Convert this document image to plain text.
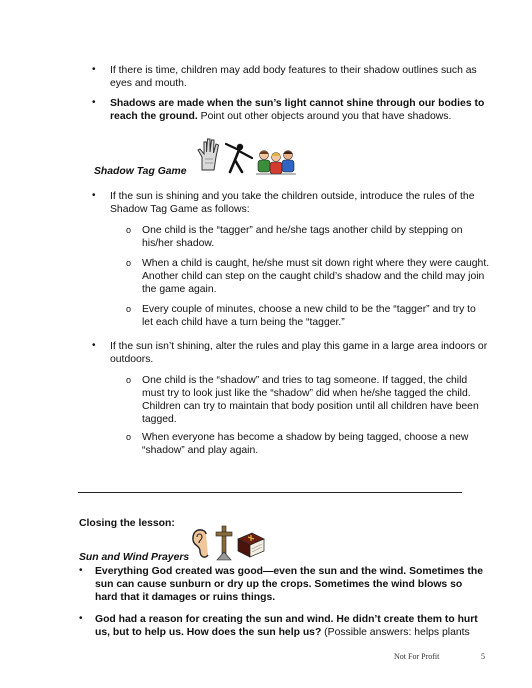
• If there is time, children may add body features to their shadow outlines such as eyes and mouth.
• Shadows are made when the sun’s light cannot shine through our bodies to reach the ground. Point out other objects around you that have shadows.
Shadow Tag Game
• If the sun is shining and you take the children outside, introduce the rules of the Shadow Tag Game as follows:
o One child is the “tagger” and he/she tags another child by stepping on his/her shadow.
o When a child is caught, he/she must sit down right where they were caught. Another child can step on the caught child’s shadow and the child may join the game again.
o Every couple of minutes, choose a new child to be the “tagger” and try to let each child have a turn being the “tagger.”
• If the sun isn’t shining, alter the rules and play this game in a large area indoors or outdoors.
o One child is the “shadow” and tries to tag someone. If tagged, the child must try to look just like the “shadow” did when he/she tagged the child. Children can try to maintain that body position until all children have been tagged.
o When everyone has become a shadow by being tagged, choose a new “shadow” and play again.
Closing the lesson:
Sun and Wind Prayers
• Everything God created was good—even the sun and the wind. Sometimes the sun can cause sunburn or dry up the crops. Sometimes the wind blows so hard that it damages or ruins things.
• God had a reason for creating the sun and wind. He didn’t create them to hurt us, but to help us. How does the sun help us? (Possible answers: helps plants
Not For Profit	5
